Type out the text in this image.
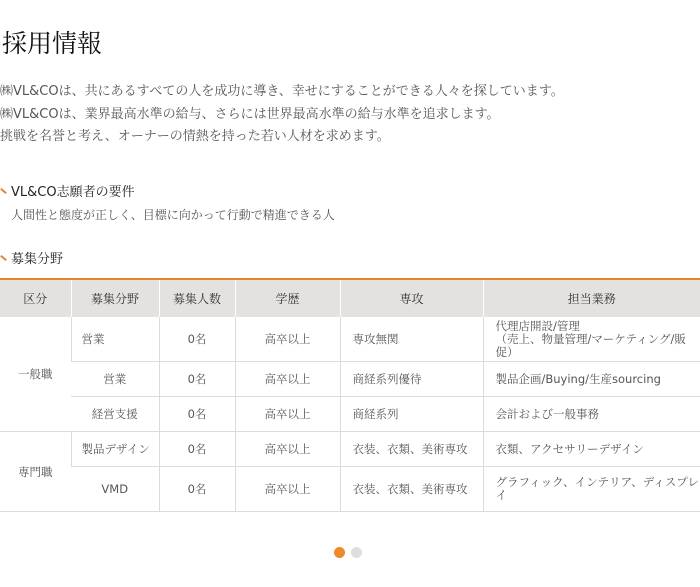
採用情報
㈱VL&COは、共にあるすべての人を成功に導き、幸せにすることができる人々を探しています。
㈱VL&COは、業界最高水準の給与、さらには世界最高水準の給与水準を追求します。
挑戦を名誉と考え、オーナーの情熱を持った若い人材を求めます。
VL&CO志願者の要件
人間性と態度が正しく、目標に向かって行動で精進できる人
募集分野
区分	募集分野	募集人数	学歴	専攻	担当業務
一般職	営業	0名	高卒以上	専攻無関	代理店開設/管理
（売上、物量管理/マーケティング/販促）

	営業	0名	高卒以上	商経系列優待	製品企画/Buying/生産sourcing
	経営支援	0名	高卒以上	商経系列	会計および一般事務
専門職	製品デザイン	0名	高卒以上	衣装、衣類、美術専攻	衣類、アクセサリーデザイン
	VMD	0名	高卒以上	衣装、衣類、美術専攻	グラフィック、インテリア、ディスプレイ
